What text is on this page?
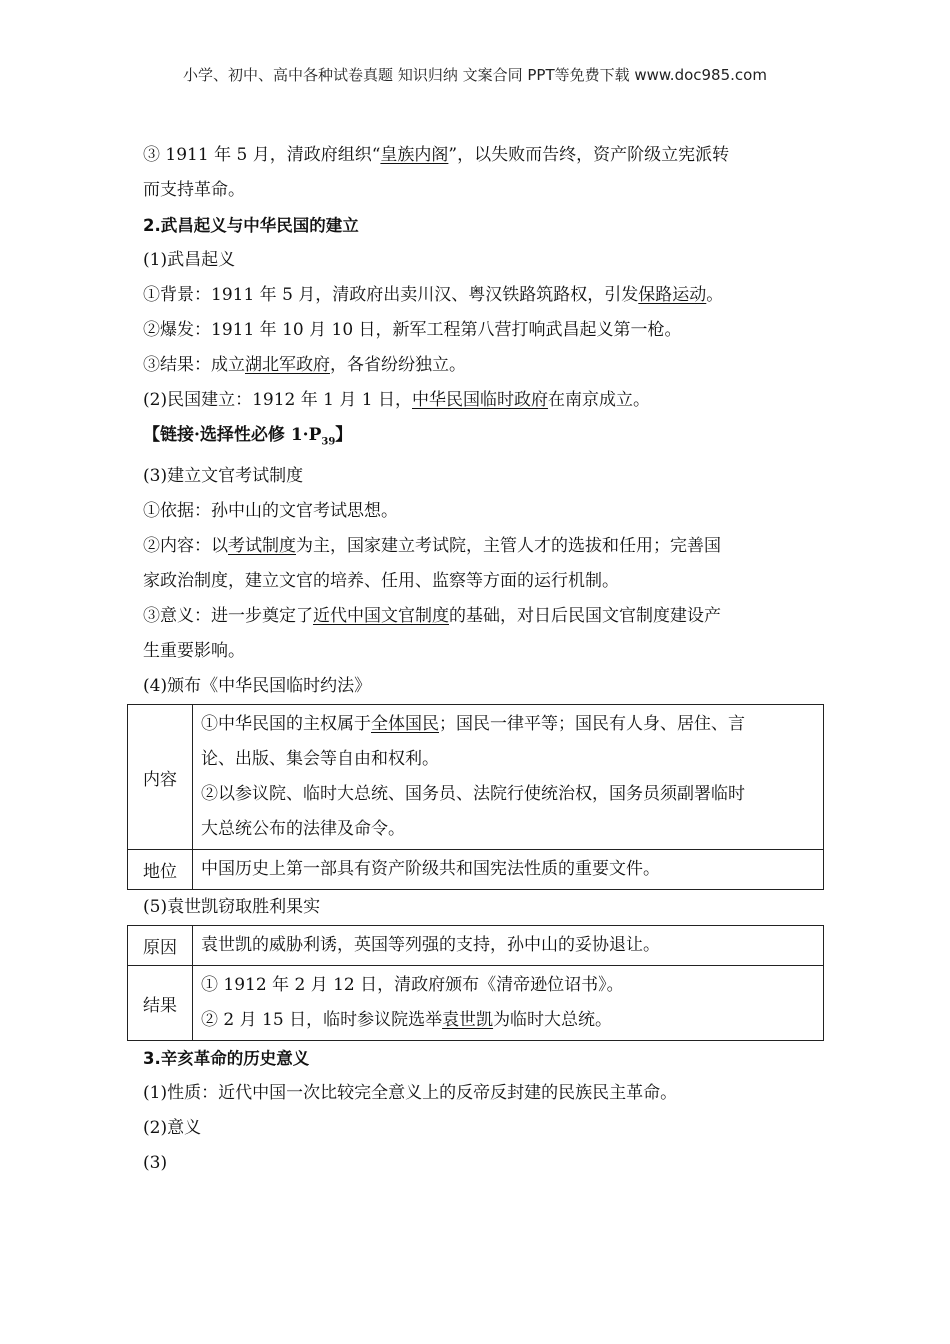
小学、初中、高中各种试卷真题 知识归纳 文案合同 PPT等免费下载 www.doc985.com
③ 1911 年 5 月，清政府组织“皇族内阁”，以失败而告终，资产阶级立宪派转
而支持革命。
2.武昌起义与中华民国的建立
(1)武昌起义
①背景：1911 年 5 月，清政府出卖川汉、粤汉铁路筑路权，引发保路运动。
②爆发：1911 年 10 月 10 日，新军工程第八营打响武昌起义第一枪。
③结果：成立湖北军政府，各省纷纷独立。
(2)民国建立：1912 年 1 月 1 日，中华民国临时政府在南京成立。
【链接·选择性必修 $1\cdot P_{39}$】
(3)建立文官考试制度
①依据：孙中山的文官考试思想。
②内容：以考试制度为主，国家建立考试院，主管人才的选拔和任用；完善国
家政治制度，建立文官的培养、任用、监察等方面的运行机制。
③意义：进一步奠定了近代中国文官制度的基础，对日后民国文官制度建设产
生重要影响。
(4)颁布《中华民国临时约法》
内容	①中华民国的主权属于全体国民；国民一律平等；国民有人身、居住、言
论、出版、集会等自由和权利。
②以参议院、临时大总统、国务员、法院行使统治权，国务员须副署临时
大总统公布的法律及命令。

地位	中国历史上第一部具有资产阶级共和国宪法性质的重要文件。
(5)袁世凯窃取胜利果实
原因	袁世凯的威胁利诱，英国等列强的支持，孙中山的妥协退让。

结果	① 1912 年 2 月 12 日，清政府颁布《清帝逊位诏书》。
② 2 月 15 日，临时参议院选举袁世凯为临时大总统。
3.辛亥革命的历史意义
(1)性质：近代中国一次比较完全意义上的反帝反封建的民族民主革命。
(2)意义
(3)
